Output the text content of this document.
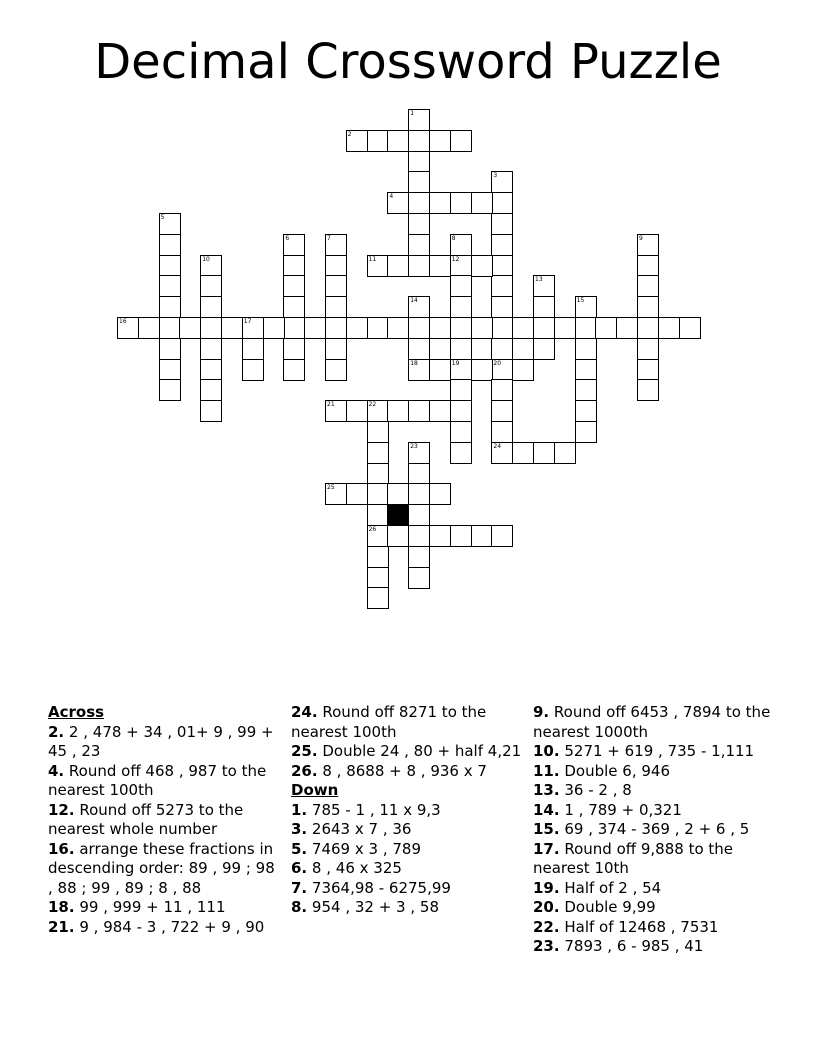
Decimal Crossword Puzzle
1
2
3
4
5
6	7	8	9
10	11	12
13
14	15
16	17
18	19	20
21	22
23	24
25
26
Across
2. 2 , 478 + 34 , 01+ 9 , 99 + 45 , 23
4. Round off 468 , 987 to the nearest 100th
12. Round off 5273 to the nearest whole number
16. arrange these fractions in descending order: 89 , 99 ; 98 , 88 ; 99 , 89 ; 8 , 88
18. 99 , 999 + 11 , 111
21. 9 , 984 - 3 , 722 + 9 , 90
24. Round off 8271 to the nearest 100th
25. Double 24 , 80 + half 4,21
26. 8 , 8688 + 8 , 936 x 7
Down
1. 785 - 1 , 11 x 9,3
3. 2643 x 7 , 36
5. 7469 x 3 , 789
6. 8 , 46 x 325
7. 7364,98 - 6275,99
8. 954 , 32 + 3 , 58
9. Round off 6453 , 7894 to the nearest 1000th
10. 5271 + 619 , 735 - 1,111
11. Double 6, 946
13. 36 - 2 , 8
14. 1 , 789 + 0,321
15. 69 , 374 - 369 , 2 + 6 , 5
17. Round off 9,888 to the nearest 10th
19. Half of 2 , 54
20. Double 9,99
22. Half of 12468 , 7531
23. 7893 , 6 - 985 , 41
